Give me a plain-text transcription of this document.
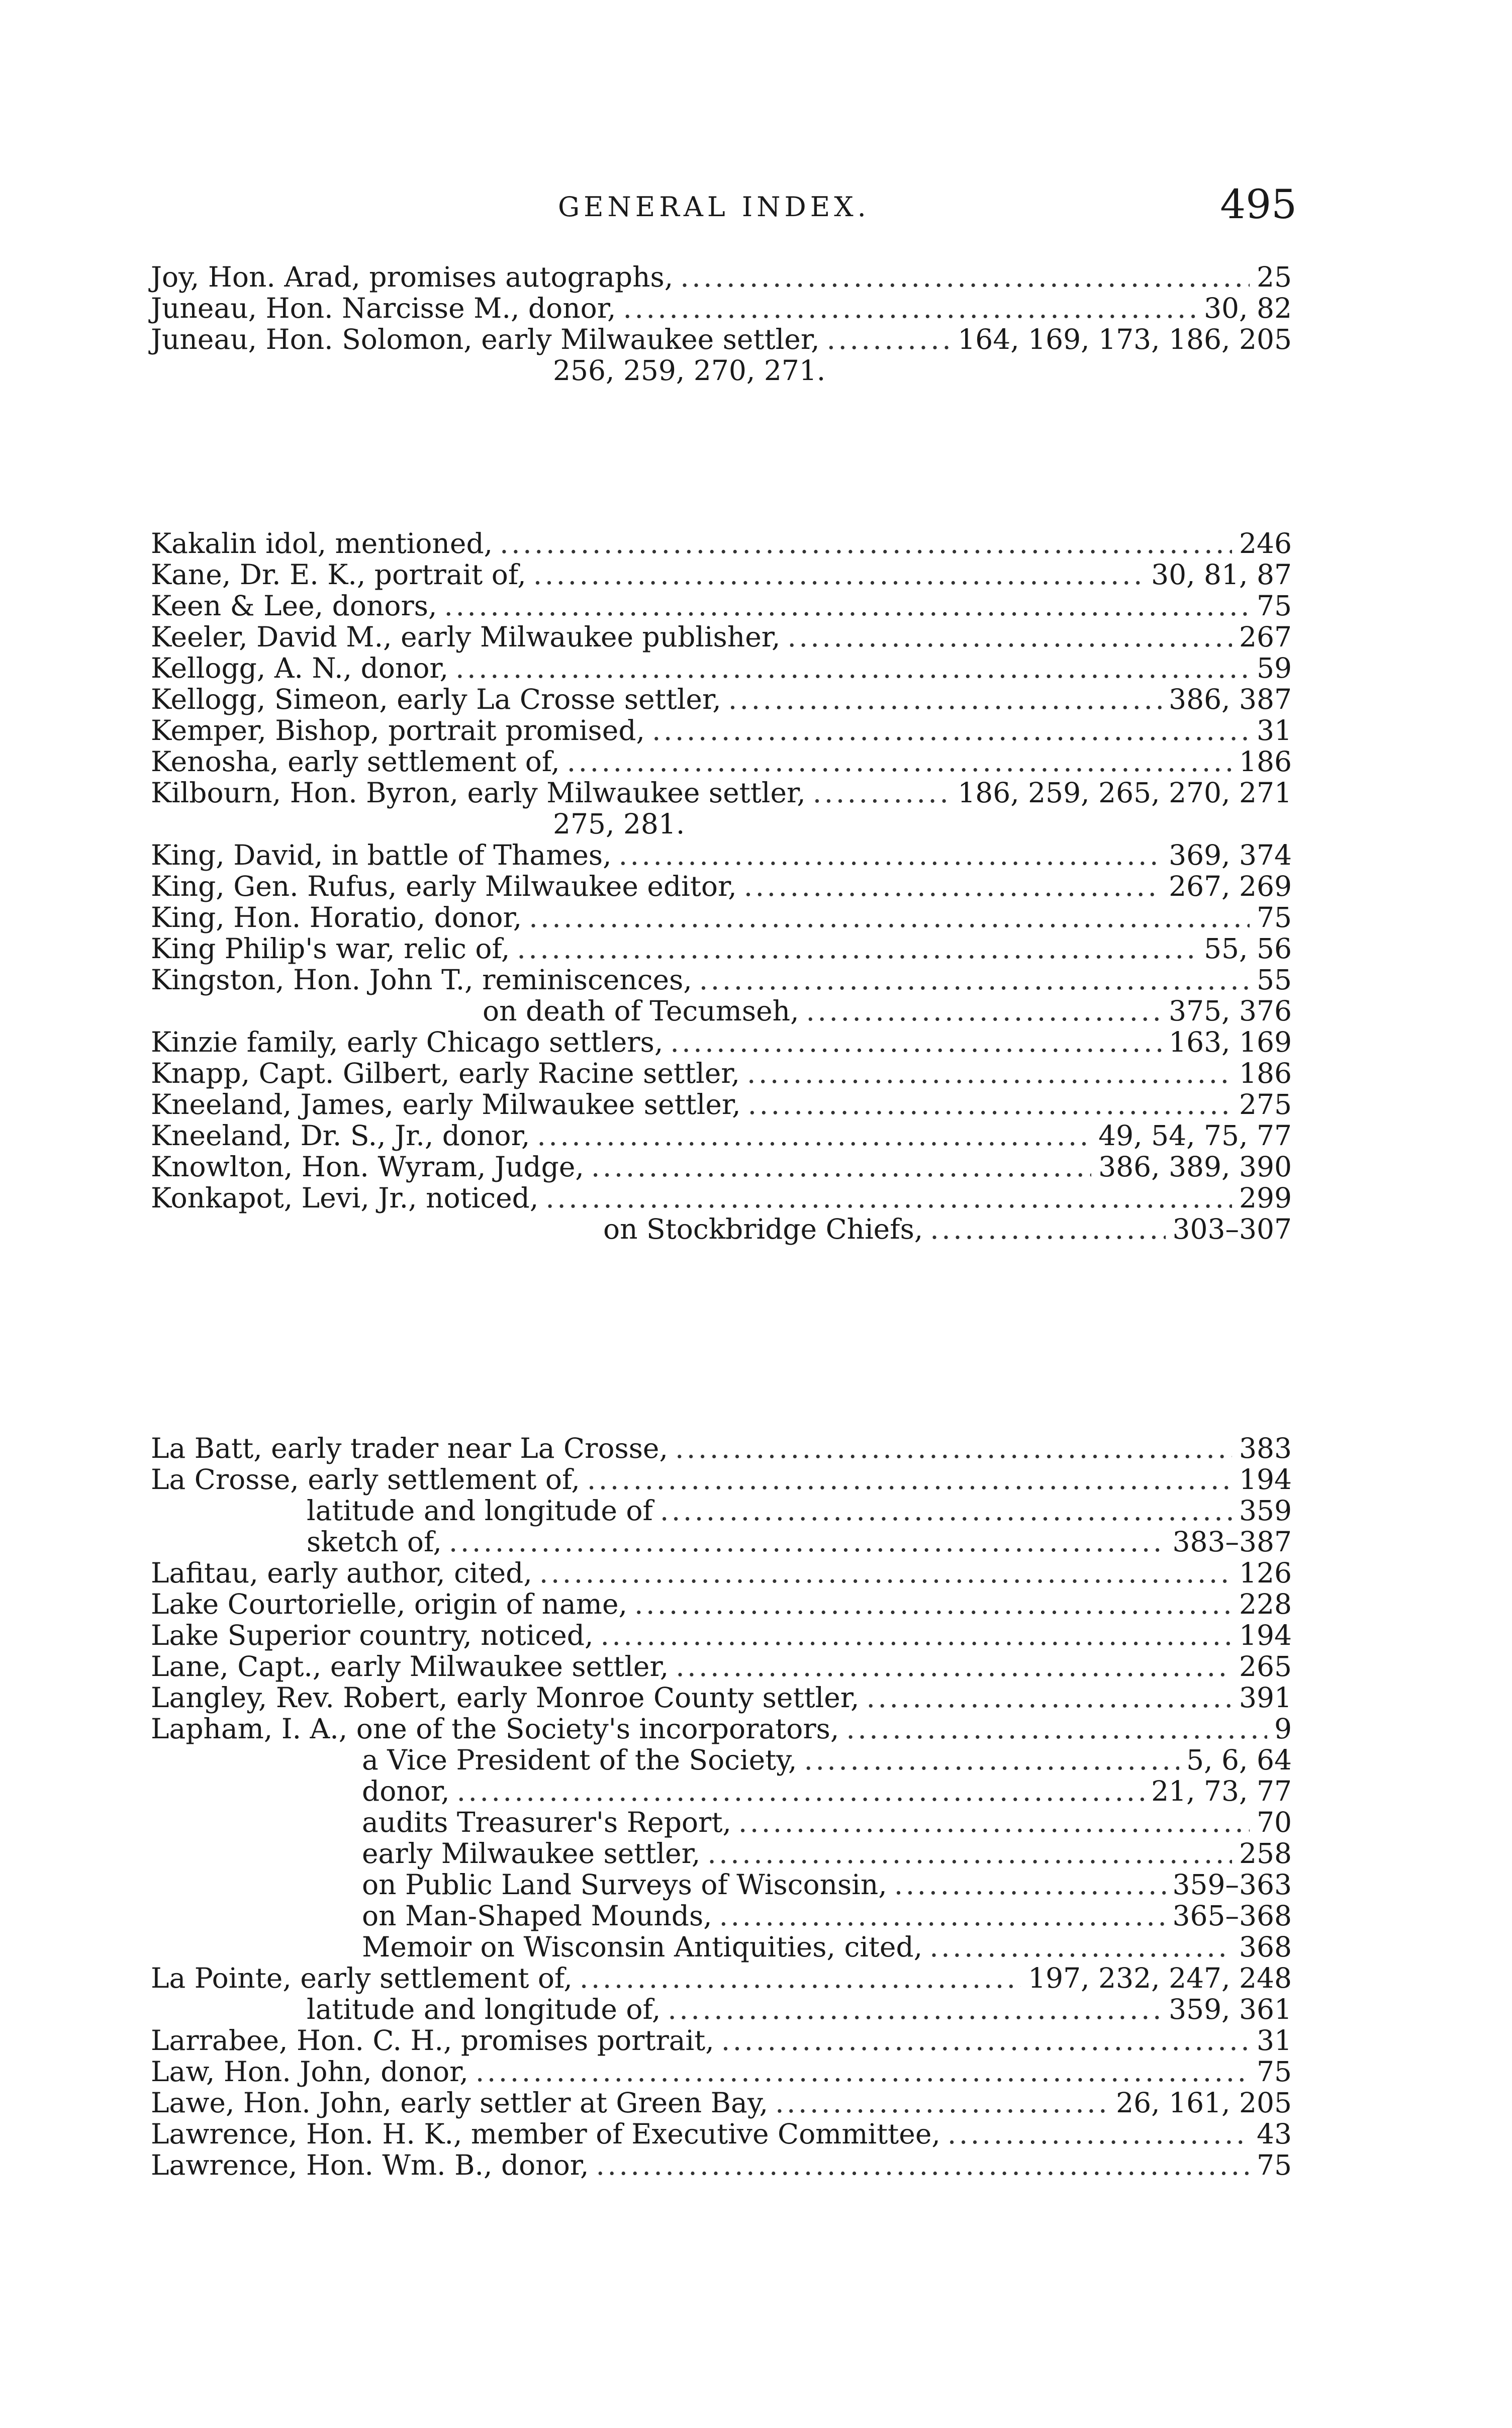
GENERAL INDEX.	495
Joy, Hon. Arad, promises autographs, . . .	25
Juneau, Hon. Narcisse M., donor, . . .	30, 82
Juneau, Hon. Solomon, early Milwaukee settler, . . .	164, 169, 173, 186, 205
256, 259, 270, 271.
Kakalin idol, mentioned, . . .	246
Kane, Dr. E. K., portrait of, . . .	30, 81, 87
Keen & Lee, donors, . . .	75
Keeler, David M., early Milwaukee publisher, . . .	267
Kellogg, A. N., donor, . . .	59
Kellogg, Simeon, early La Crosse settler, . . .	386, 387
Kemper, Bishop, portrait promised, . . .	31
Kenosha, early settlement of, . . .	186
Kilbourn, Hon. Byron, early Milwaukee settler, . . .	186, 259, 265, 270, 271
275, 281.
King, David, in battle of Thames, . . .	369, 374
King, Gen. Rufus, early Milwaukee editor, . . .	267, 269
King, Hon. Horatio, donor, . . .	75
King Philip's war, relic of, . . .	55, 56
Kingston, Hon. John T., reminiscences, . . .	55
on death of Tecumseh, . . .	375, 376
Kinzie family, early Chicago settlers, . . .	163, 169
Knapp, Capt. Gilbert, early Racine settler, . . .	186
Kneeland, James, early Milwaukee settler, . . .	275
Kneeland, Dr. S., Jr., donor, . . .	49, 54, 75, 77
Knowlton, Hon. Wyram, Judge, . . .	386, 389, 390
Konkapot, Levi, Jr., noticed, . . .	299
on Stockbridge Chiefs, . . .	303–307
La Batt, early trader near La Crosse, . . .	383
La Crosse, early settlement of, . . .	194
latitude and longitude of . . .	359
sketch of, . . .	383–387
Lafitau, early author, cited, . . .	126
Lake Courtorielle, origin of name, . . .	228
Lake Superior country, noticed, . . .	194
Lane, Capt., early Milwaukee settler, . . .	265
Langley, Rev. Robert, early Monroe County settler, . . .	391
Lapham, I. A., one of the Society's incorporators, . . .	9
a Vice President of the Society, . . .	5, 6, 64
donor, . . .	21, 73, 77
audits Treasurer's Report, . . .	70
early Milwaukee settler, . . .	258
on Public Land Surveys of Wisconsin, . . .	359–363
on Man-Shaped Mounds, . . .	365–368
Memoir on Wisconsin Antiquities, cited, . . .	368
La Pointe, early settlement of, . . .	197, 232, 247, 248
latitude and longitude of, . . .	359, 361
Larrabee, Hon. C. H., promises portrait, . . .	31
Law, Hon. John, donor, . . .	75
Lawe, Hon. John, early settler at Green Bay, . . .	26, 161, 205
Lawrence, Hon. H. K., member of Executive Committee, . . .	43
Lawrence, Hon. Wm. B., donor, . . .	75
